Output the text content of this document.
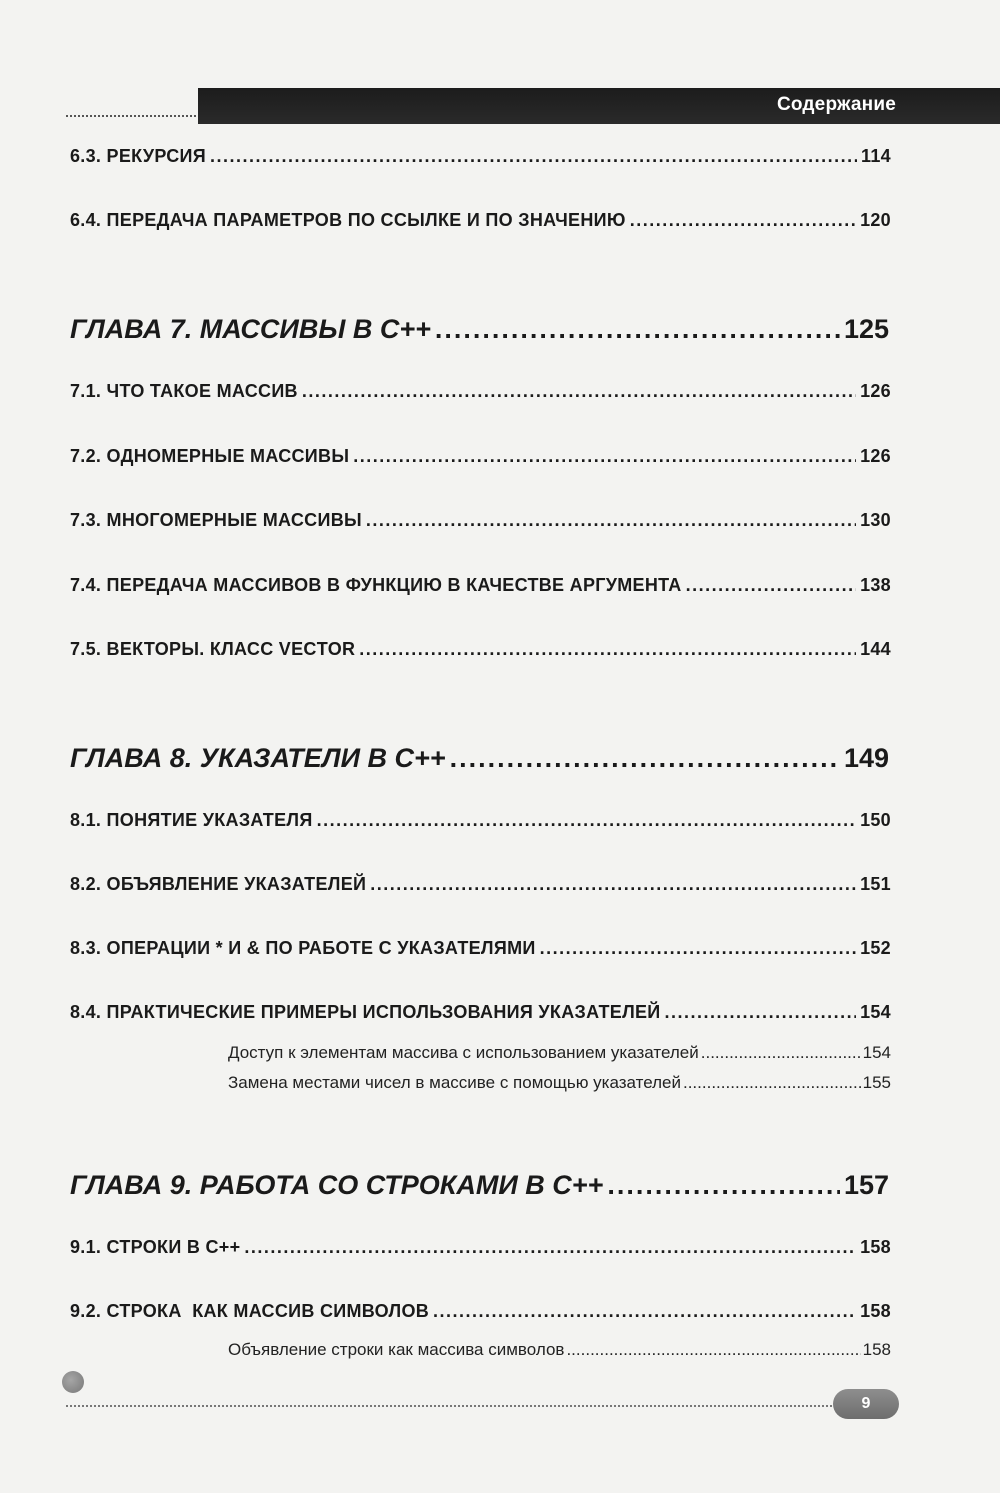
Содержание
6.3. РЕКУРСИЯ .....	114
6.4. ПЕРЕДАЧА ПАРАМЕТРОВ ПО ССЫЛКЕ И ПО ЗНАЧЕНИЮ .....	120
ГЛАВА 7. МАССИВЫ В С++ .....	125
7.1. ЧТО ТАКОЕ МАССИВ .....	126
7.2. ОДНОМЕРНЫЕ МАССИВЫ .....	126
7.3. МНОГОМЕРНЫЕ МАССИВЫ .....	130
7.4. ПЕРЕДАЧА МАССИВОВ В ФУНКЦИЮ В КАЧЕСТВЕ АРГУМЕНТА .....	138
7.5. ВЕКТОРЫ. КЛАСС VECTOR .....	144
ГЛАВА 8. УКАЗАТЕЛИ В С++ .....	149
8.1. ПОНЯТИЕ УКАЗАТЕЛЯ .....	150
8.2. ОБЪЯВЛЕНИЕ УКАЗАТЕЛЕЙ .....	151
8.3. ОПЕРАЦИИ * И & ПО РАБОТЕ С УКАЗАТЕЛЯМИ .....	152
8.4. ПРАКТИЧЕСКИЕ ПРИМЕРЫ ИСПОЛЬЗОВАНИЯ УКАЗАТЕЛЕЙ .....	154
Доступ к элементам массива с использованием указателей .....	154
Замена местами чисел в массиве с помощью указателей .....	155
ГЛАВА 9. РАБОТА СО СТРОКАМИ В С++ .....	157
9.1. СТРОКИ В С++ .....	158
9.2. СТРОКА  КАК МАССИВ СИМВОЛОВ .....	158
Объявление строки как массива символов .....	158
9
